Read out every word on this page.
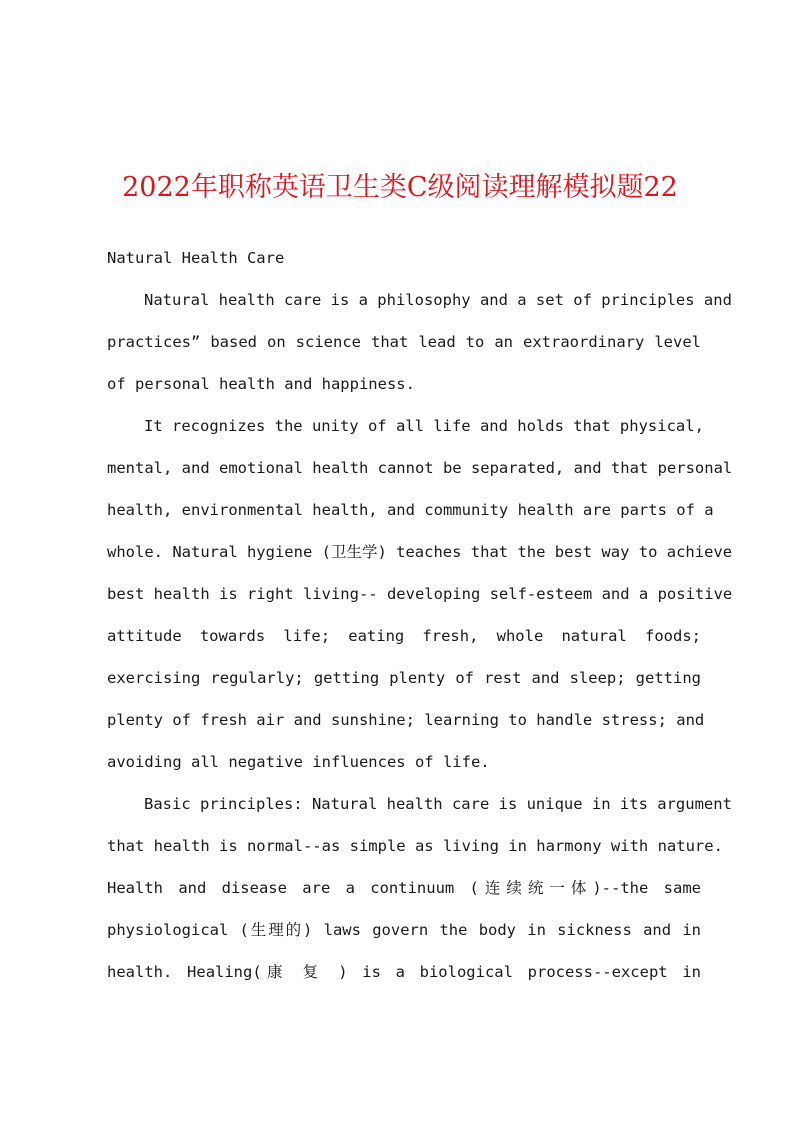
2022年职称英语卫生类C级阅读理解模拟题22
Natural Health Care
Natural health care is a philosophy and a set of principles and
practices” based on science that lead to an extraordinary level
of personal health and happiness.
It recognizes the unity of all life and holds that physical,
mental, and emotional health cannot be separated, and that personal
health, environmental health, and community health are parts of a
whole. Natural hygiene (卫生学) teaches that the best way to achieve
best health is right living-- developing self-esteem and a positive
attitude towards life; eating fresh, whole natural foods;
exercising regularly; getting plenty of rest and sleep; getting
plenty of fresh air and sunshine; learning to handle stress; and
avoiding all negative influences of life.
Basic principles: Natural health care is unique in its argument
that health is normal--as simple as living in harmony with nature.
Health and disease are a continuum (连续统一体)--the same
physiological (生理的) laws govern the body in sickness and in
health. Healing(康 复 ) is a biological process--except in
